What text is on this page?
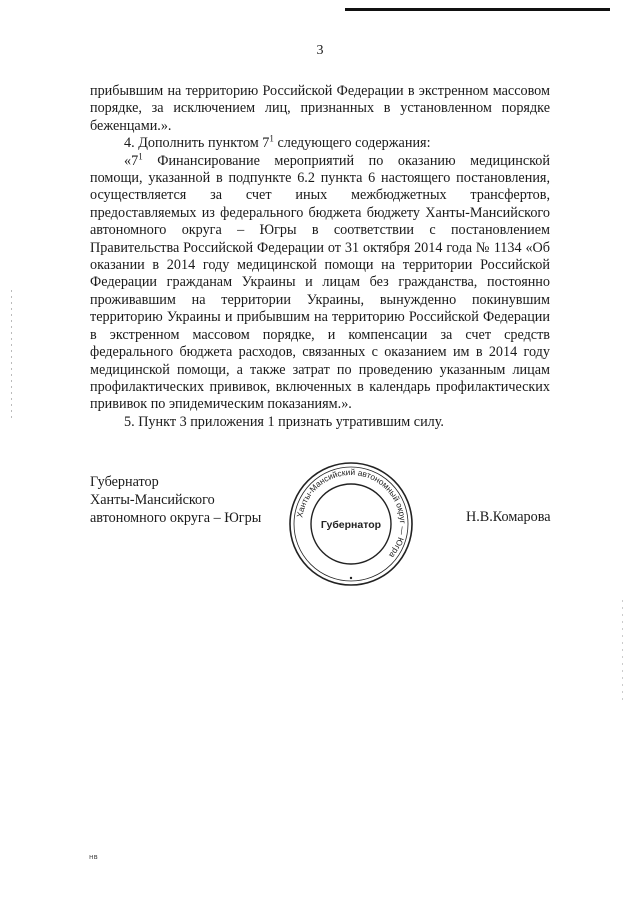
3

прибывшим на территорию Российской Федерации в экстренном массовом порядке, за исключением лиц, признанных в установленном порядке беженцами.».

4. Дополнить пунктом $7^1$ следующего содержания:

«$7^1$ Финансирование мероприятий по оказанию медицинской помощи, указанной в подпункте 6.2 пункта 6 настоящего постановления, осуществляется за счет иных межбюджетных трансфертов, предоставляемых из федерального бюджета бюджету Ханты-Мансийского автономного округа – Югры в соответствии с постановлением Правительства Российской Федерации от 31 октября 2014 года № 1134 «Об оказании в 2014 году медицинской помощи на территории Российской Федерации гражданам Украины и лицам без гражданства, постоянно проживавшим на территории Украины, вынужденно покинувшим территорию Украины и прибывшим на территорию Российской Федерации в экстренном массовом порядке, и компенсации за счет средств федерального бюджета расходов, связанных с оказанием им в 2014 году медицинской помощи, а также затрат по проведению указанным лицам профилактических прививок, включенных в календарь профилактических прививок по эпидемическим показаниям.».

5. Пункт 3 приложения 1 признать утратившим силу.

Губернатор
Ханты-Мансийского
автономного округа – Югры	Ханты-Мансийский автономный округ — Югра
Губернатор	Н.В.Комарова
нв
